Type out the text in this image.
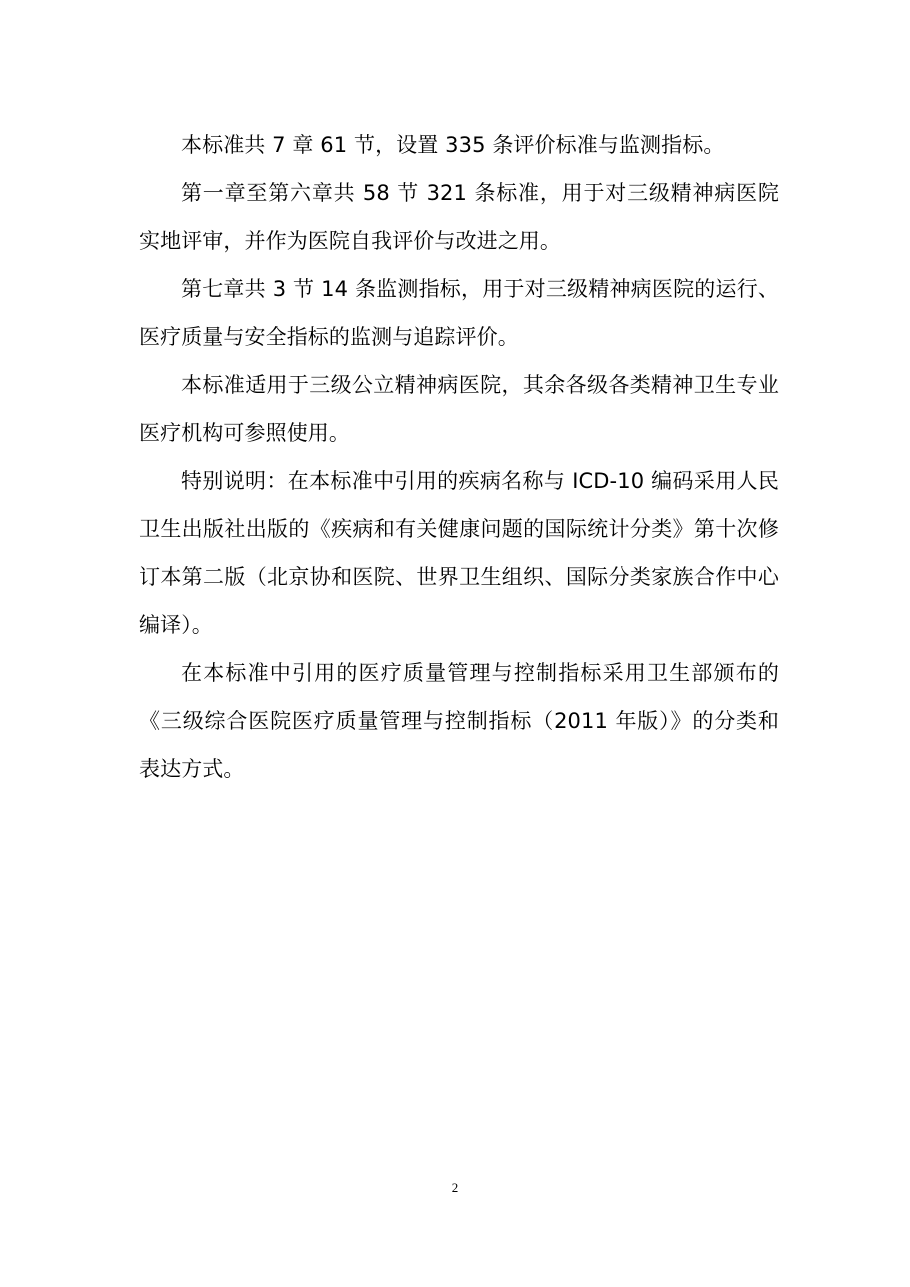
本标准共 7 章 61 节，设置 335 条评价标准与监测指标。

第一章至第六章共 58 节 321 条标准，用于对三级精神病医院实地评审，并作为医院自我评价与改进之用。

第七章共 3 节 14 条监测指标，用于对三级精神病医院的运行、医疗质量与安全指标的监测与追踪评价。

本标准适用于三级公立精神病医院，其余各级各类精神卫生专业医疗机构可参照使用。

特别说明：在本标准中引用的疾病名称与 ICD-10 编码采用人民卫生出版社出版的《疾病和有关健康问题的国际统计分类》第十次修订本第二版（北京协和医院、世界卫生组织、国际分类家族合作中心编译）。

在本标准中引用的医疗质量管理与控制指标采用卫生部颁布的《三级综合医院医疗质量管理与控制指标（2011 年版）》的分类和表达方式。

2
